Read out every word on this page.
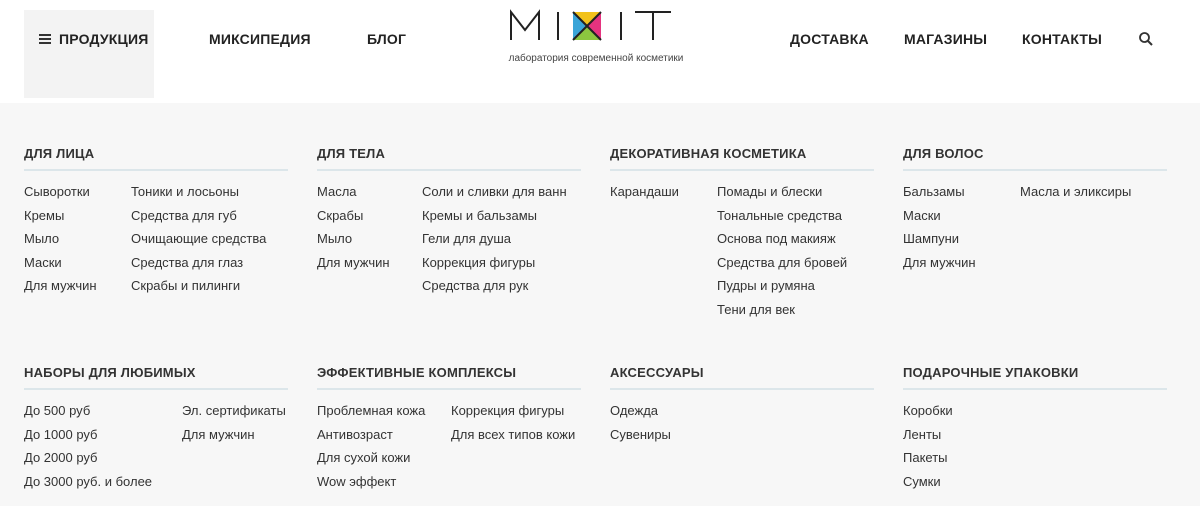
ПРОДУКЦИЯ	МИКСИПЕДИЯ	БЛОГ
лаборатория современной косметики
ДОСТАВКА	МАГАЗИНЫ КОНТАКТЫ
ДЛЯ ЛИЦА
Сыворотки
Кремы
Мыло
Маски
Для мужчин
Тоники и лосьоны
Средства для губ
Очищающие средства
Средства для глаз
Скрабы и пилинги
ДЛЯ ТЕЛА
Масла
Скрабы
Мыло
Для мужчин
Соли и сливки для ванн
Кремы и бальзамы
Гели для душа
Коррекция фигуры
Средства для рук
ДЕКОРАТИВНАЯ КОСМЕТИКА
Карандаши	Помады и блески
Тональные средства
Основа под макияж
Средства для бровей
Пудры и румяна
Тени для век
ДЛЯ ВОЛОС
Бальзамы
Маски
Шампуни
Для мужчин
Масла и эликсиры
НАБОРЫ ДЛЯ ЛЮБИМЫХ
До 500 руб
До 1000 руб
До 2000 руб
До 3000 руб. и более
Эл. сертификаты
Для мужчин
ЭФФЕКТИВНЫЕ КОМПЛЕКСЫ
Проблемная кожа
Антивозраст
Для сухой кожи
Wow эффект
Коррекция фигуры
Для всех типов кожи
АКСЕССУАРЫ
Одежда
Сувениры
ПОДАРОЧНЫЕ УПАКОВКИ
Коробки
Ленты
Пакеты
Сумки
